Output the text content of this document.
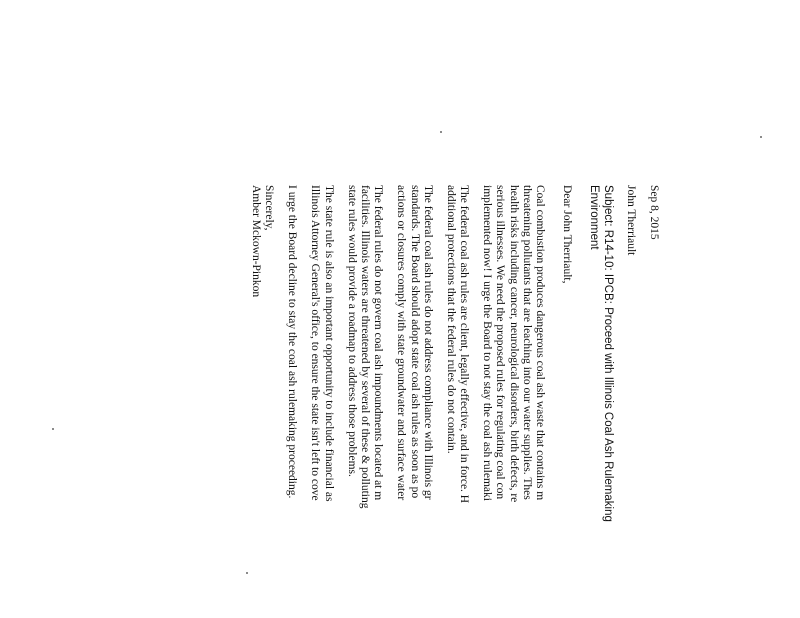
Sep 8, 2015
John Therriault
Subject: R14-10: IPCB: Proceed with Illinois Coal Ash Rulemaking
Environment
Dear John Therriault,
Coal combustion produces dangerous coal ash waste that contains m
threatening pollutants that are leaching into our water supplies. Thes
health risks including cancer, neurological disorders, birth defects, re
serious illnesses. We need the proposed rules for regulating coal con
implemented now! I urge the Board to not stay the coal ash rulemaki
The federal coal ash rules are client, legally effective, and in force. H
additional protections that the federal rules do not contain.
The federal coal ash rules do not address compliance with Illinois gr
standards. The Board should adopt state coal ash rules as soon as po
actions or closures comply with state groundwater and surface water
The federal rules do not govern coal ash impoundments located at m
facilities. Illinois waters are threatened by several of these & polluting
state rules would provide a roadmap to address those problems.
The state rule is also an important opportunity to include financial as
Illinois Attorney General's office, to ensure the state isn't left to cove
I urge the Board decline to stay the coal ash rulemaking proceeding.
Sincerely,
Amber Mckown-Pinkon
